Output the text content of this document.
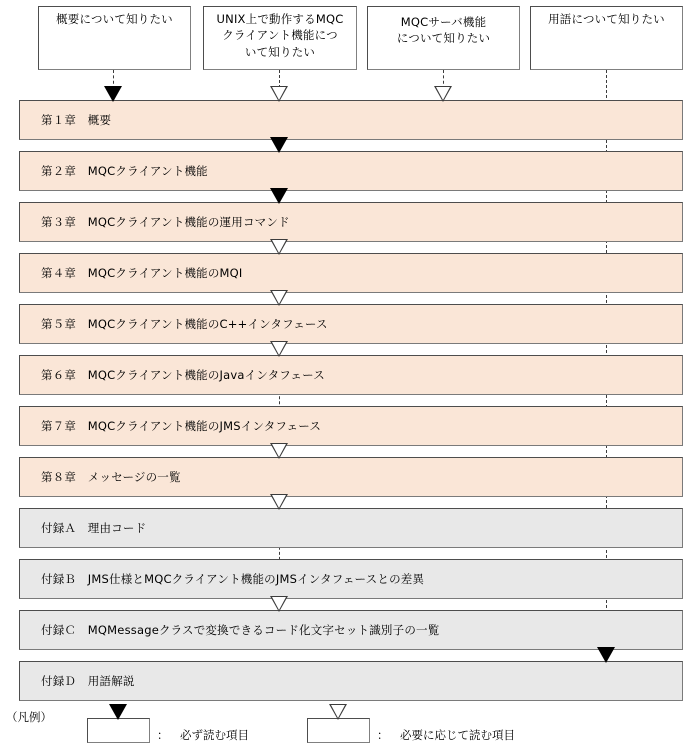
概要について知りたい	UNIX上で動作するMQC
クライアント機能につ
いて知りたい
MQCサーバ機能
について知りたい
用語について知りたい
第１章　概要
第２章　MQCクライアント機能
第３章　MQCクライアント機能の運用コマンド
第４章　MQCクライアント機能のMQI
第５章　MQCクライアント機能のC++インタフェース
第６章　MQCクライアント機能のJavaインタフェース
第７章　MQCクライアント機能のJMSインタフェース
第８章　メッセージの一覧
付録Ａ　理由コード
付録Ｂ　JMS仕様とMQCクライアント機能のJMSインタフェースとの差異
付録Ｃ　MQMessageクラスで変換できるコード化文字セット識別子の一覧
付録Ｄ　用語解説
（凡例）
： 必ず読む項目	： 必要に応じて読む項目
